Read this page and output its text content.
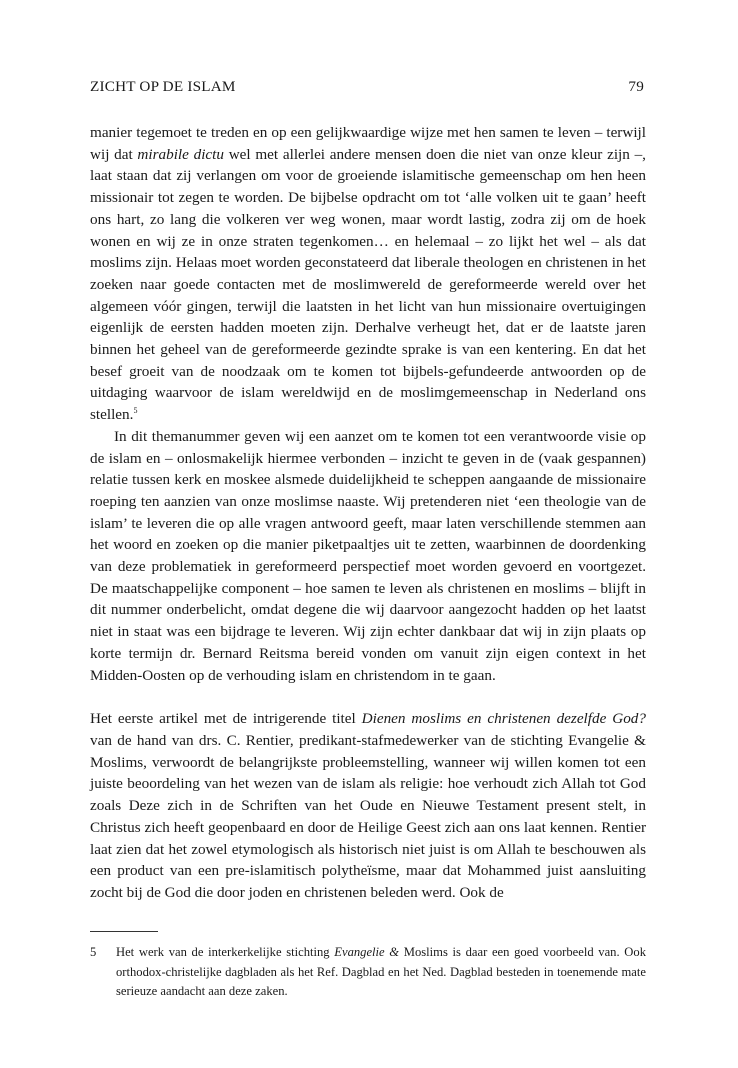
ZICHT OP DE ISLAM	79

manier tegemoet te treden en op een gelijkwaardige wijze met hen samen te leven – terwijl wij dat mirabile dictu wel met allerlei andere mensen doen die niet van onze kleur zijn –, laat staan dat zij verlangen om voor de groeiende islamitische gemeenschap om hen heen missionair tot zegen te worden. De bijbelse opdracht om tot ‘alle volken uit te gaan’ heeft ons hart, zo lang die volkeren ver weg wonen, maar wordt lastig, zodra zij om de hoek wonen en wij ze in onze straten tegenkomen… en helemaal – zo lijkt het wel – als dat moslims zijn. Helaas moet worden geconstateerd dat liberale theologen en christenen in het zoeken naar goede contacten met de moslimwereld de gereformeerde wereld over het algemeen vóór gingen, terwijl die laatsten in het licht van hun missionaire overtuigingen eigenlijk de eersten hadden moeten zijn. Derhalve verheugt het, dat er de laatste jaren binnen het geheel van de gereformeerde gezindte sprake is van een kentering. En dat het besef groeit van de noodzaak om te komen tot bijbels-gefundeerde antwoorden op de uitdaging waarvoor de islam wereldwijd en de moslimgemeenschap in Nederland ons stellen.$^5$

In dit themanummer geven wij een aanzet om te komen tot een verantwoorde visie op de islam en – onlosmakelijk hiermee verbonden – inzicht te geven in de (vaak gespannen) relatie tussen kerk en moskee alsmede duidelijkheid te scheppen aangaande de missionaire roeping ten aanzien van onze moslimse naaste. Wij pretenderen niet ‘een theologie van de islam’ te leveren die op alle vragen antwoord geeft, maar laten verschillende stemmen aan het woord en zoeken op die manier piketpaaltjes uit te zetten, waarbinnen de doordenking van deze problematiek in gereformeerd perspectief moet worden gevoerd en voortgezet. De maatschappelijke component – hoe samen te leven als christenen en moslims – blijft in dit nummer onderbelicht, omdat degene die wij daarvoor aangezocht hadden op het laatst niet in staat was een bijdrage te leveren. Wij zijn echter dankbaar dat wij in zijn plaats op korte termijn dr. Bernard Reitsma bereid vonden om vanuit zijn eigen context in het Midden-Oosten op de verhouding islam en christendom in te gaan.

Het eerste artikel met de intrigerende titel Dienen moslims en christenen dezelfde God? van de hand van drs. C. Rentier, predikant-stafmedewerker van de stichting Evangelie & Moslims, verwoordt de belangrijkste probleemstelling, wanneer wij willen komen tot een juiste beoordeling van het wezen van de islam als religie: hoe verhoudt zich Allah tot God zoals Deze zich in de Schriften van het Oude en Nieuwe Testament present stelt, in Christus zich heeft geopenbaard en door de Heilige Geest zich aan ons laat kennen. Rentier laat zien dat het zowel etymologisch als historisch niet juist is om Allah te beschouwen als een product van een pre-islamitisch polytheïsme, maar dat Mohammed juist aansluiting zocht bij de God die door joden en christenen beleden werd. Ook de

5	Het werk van de interkerkelijke stichting Evangelie & Moslims is daar een goed voorbeeld van. Ook orthodox-christelijke dagbladen als het Ref. Dagblad en het Ned. Dagblad besteden in toenemende mate serieuze aandacht aan deze zaken.
